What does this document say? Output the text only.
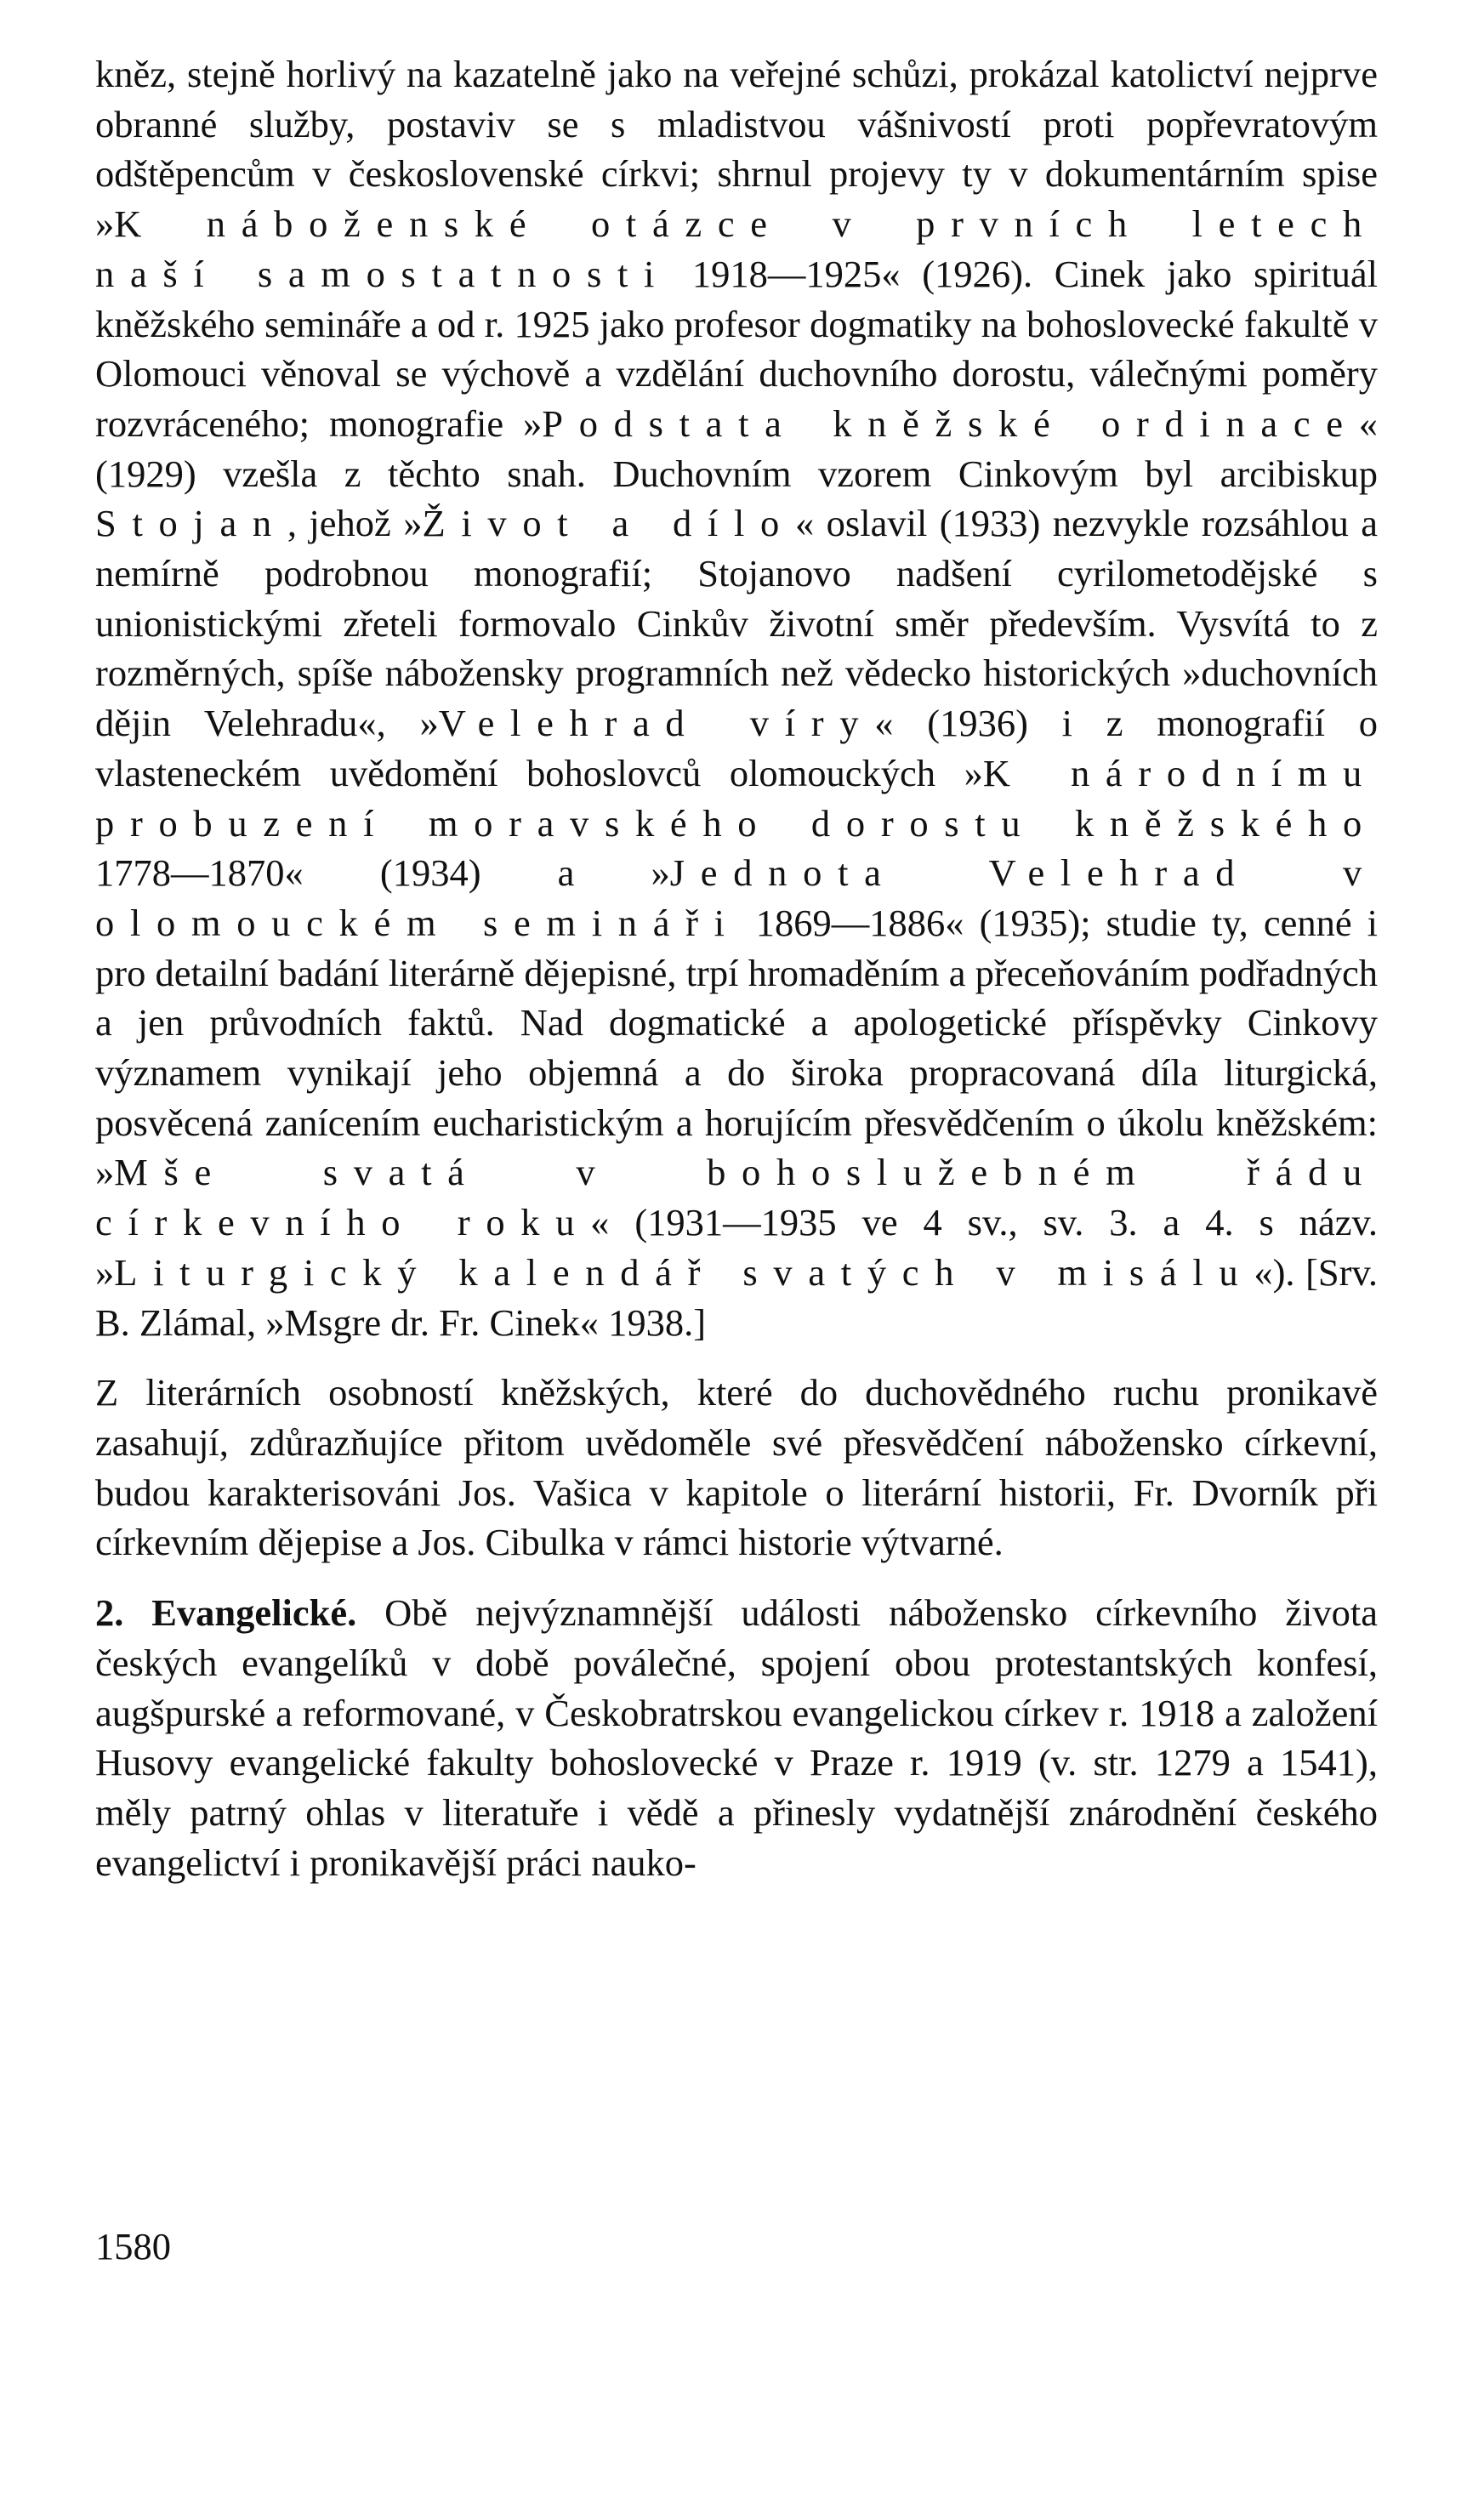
kněz, stejně horlivý na kazatelně jako na veřejné schůzi, prokázal katolictví nejprve obranné služby, postaviv se s mladistvou vášnivostí proti popřevratovým odštěpencům v československé církvi; shrnul projevy ty v dokumentárním spise »K náboženské otázce v prvních letech naší samostatnosti 1918—1925« (1926). Cinek jako spirituál kněžského semináře a od r. 1925 jako profesor dogmatiky na bohoslovecké fakultě v Olomouci věnoval se výchově a vzdělání duchovního dorostu, válečnými poměry rozvráceného; monografie »Podstata kněžské ordinace« (1929) vzešla z těchto snah. Duchovním vzorem Cinkovým byl arcibiskup Stojan, jehož »Život a dílo« oslavil (1933) nezvykle rozsáhlou a nemírně podrobnou monografií; Stojanovo nadšení cyrilometodějské s unionistickými zřeteli formovalo Cinkův životní směr především. Vysvítá to z rozměrných, spíše nábožensky programních než vědecko historických »duchovních dějin Velehradu«, »Velehrad víry« (1936) i z monografií o vlasteneckém uvědomění bohoslovců olomouckých »K národnímu probuzení moravského dorostu kněžského 1778—1870« (1934) a »Jednota Velehrad v olomouckém semináři 1869—1886« (1935); studie ty, cenné i pro detailní badání literárně dějepisné, trpí hromaděním a přeceňováním podřadných a jen průvodních faktů. Nad dogmatické a apologetické příspěvky Cinkovy významem vynikají jeho objemná a do široka propracovaná díla liturgická, posvěcená zanícením eucharistickým a horujícím přesvědčením o úkolu kněžském: »Mše svatá v bohoslužebném řádu církevního roku« (1931—1935 ve 4 sv., sv. 3. a 4. s názv. »Liturgický kalendář svatých v misálu«). [Srv. B. Zlámal, »Msgre dr. Fr. Cinek« 1938.]

Z literárních osobností kněžských, které do duchovědného ruchu pronikavě zasahují, zdůrazňujíce přitom uvědoměle své přesvědčení nábožensko církevní, budou karakterisováni Jos. Vašica v kapitole o literární historii, Fr. Dvorník při církevním dějepise a Jos. Cibulka v rámci historie výtvarné.

2. Evangelické. Obě nejvýznamnější události nábožensko církevního života českých evangelíků v době poválečné, spojení obou protestantských konfesí, augšpurské a reformované, v Českobratrskou evangelickou církev r. 1918 a založení Husovy evangelické fakulty bohoslovecké v Praze r. 1919 (v. str. 1279 a 1541), měly patrný ohlas v literatuře i vědě a přinesly vydatnější znárodnění českého evangelictví i pronikavější práci nauko-

1580
